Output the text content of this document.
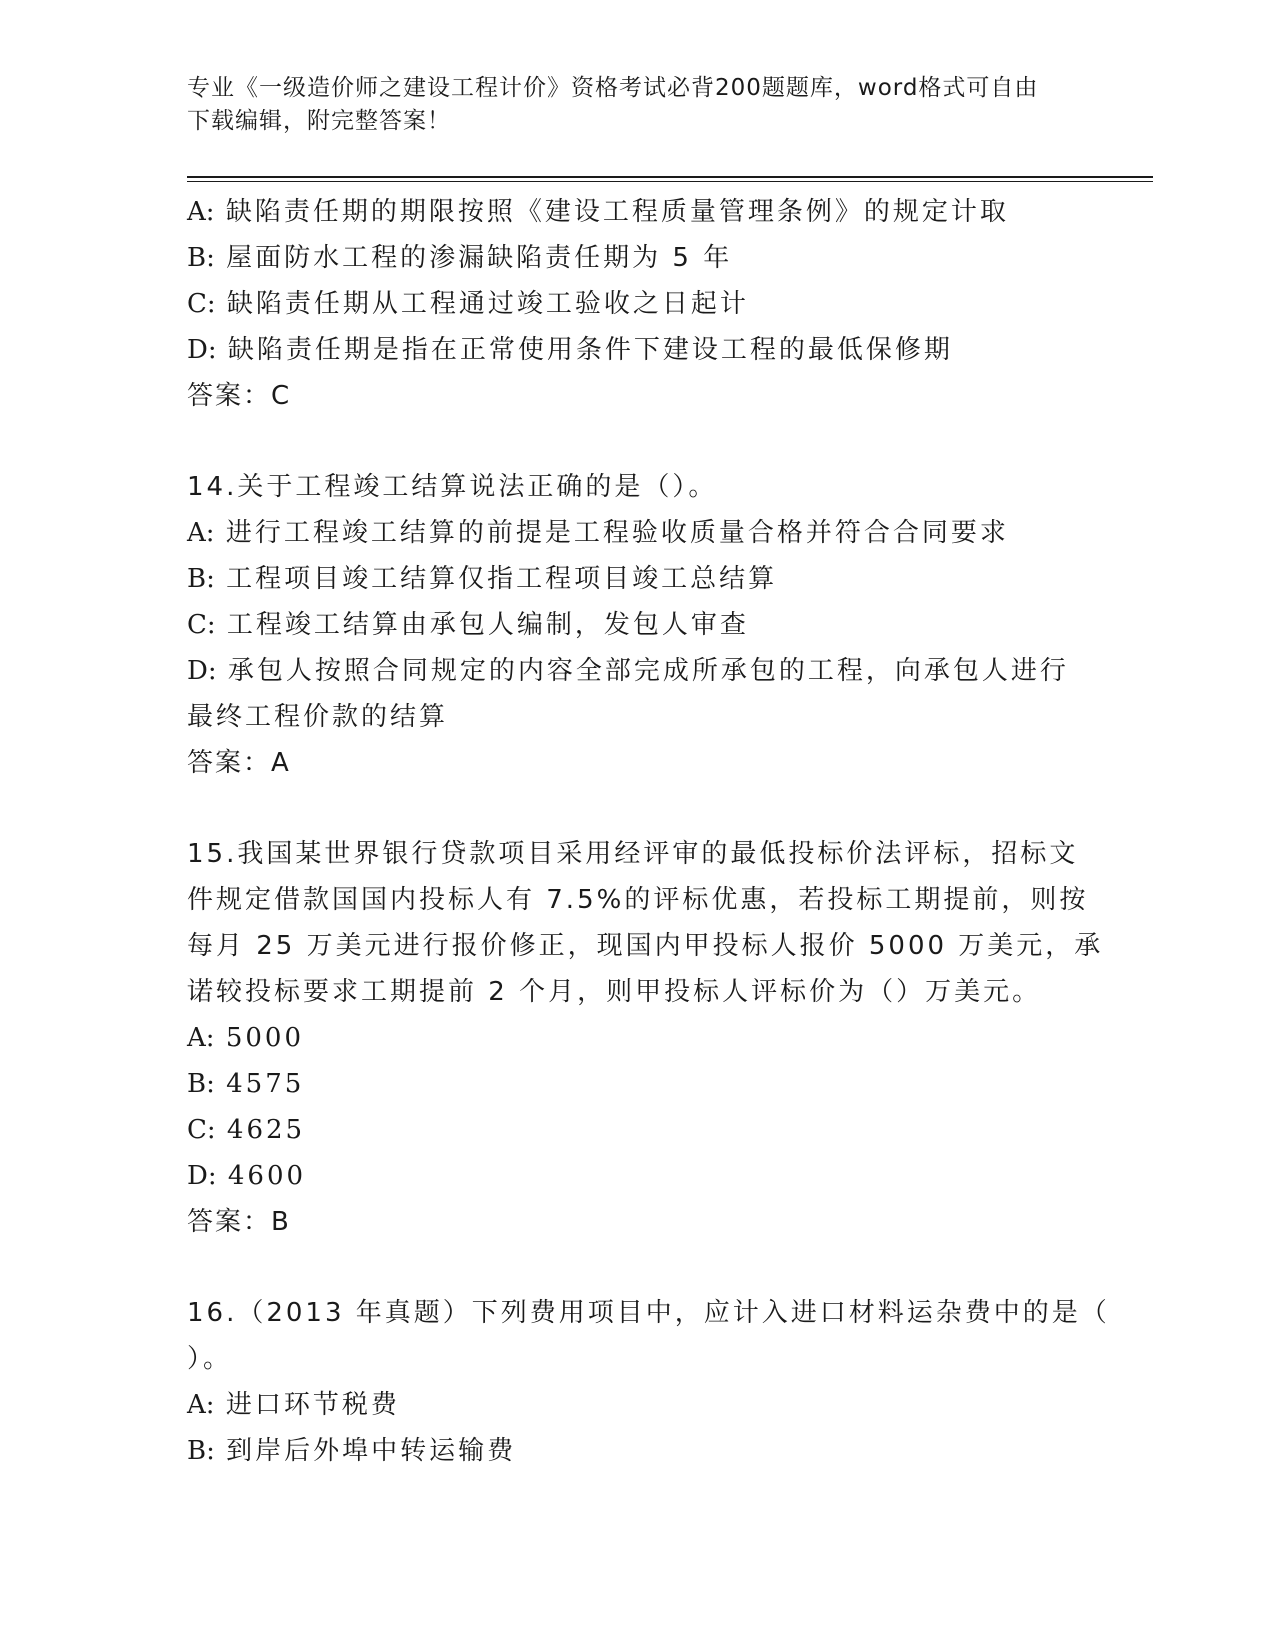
专业《一级造价师之建设工程计价》资格考试必背200题题库，word格式可自由
下载编辑，附完整答案！
A: 缺陷责任期的期限按照《建设工程质量管理条例》的规定计取
B: 屋面防水工程的渗漏缺陷责任期为 5 年
C: 缺陷责任期从工程通过竣工验收之日起计
D: 缺陷责任期是指在正常使用条件下建设工程的最低保修期
答案：C
14.关于工程竣工结算说法正确的是（）。
A: 进行工程竣工结算的前提是工程验收质量合格并符合合同要求
B: 工程项目竣工结算仅指工程项目竣工总结算
C: 工程竣工结算由承包人编制，发包人审查
D: 承包人按照合同规定的内容全部完成所承包的工程，向承包人进行
最终工程价款的结算
答案：A
15.我国某世界银行贷款项目采用经评审的最低投标价法评标，招标文
件规定借款国国内投标人有 7.5%的评标优惠，若投标工期提前，则按
每月 25 万美元进行报价修正，现国内甲投标人报价 5000 万美元，承
诺较投标要求工期提前 2 个月，则甲投标人评标价为（）万美元。
A: 5000
B: 4575
C: 4625
D: 4600
答案：B
16.（2013 年真题）下列费用项目中，应计入进口材料运杂费中的是（
）。
A: 进口环节税费
B: 到岸后外埠中转运输费
